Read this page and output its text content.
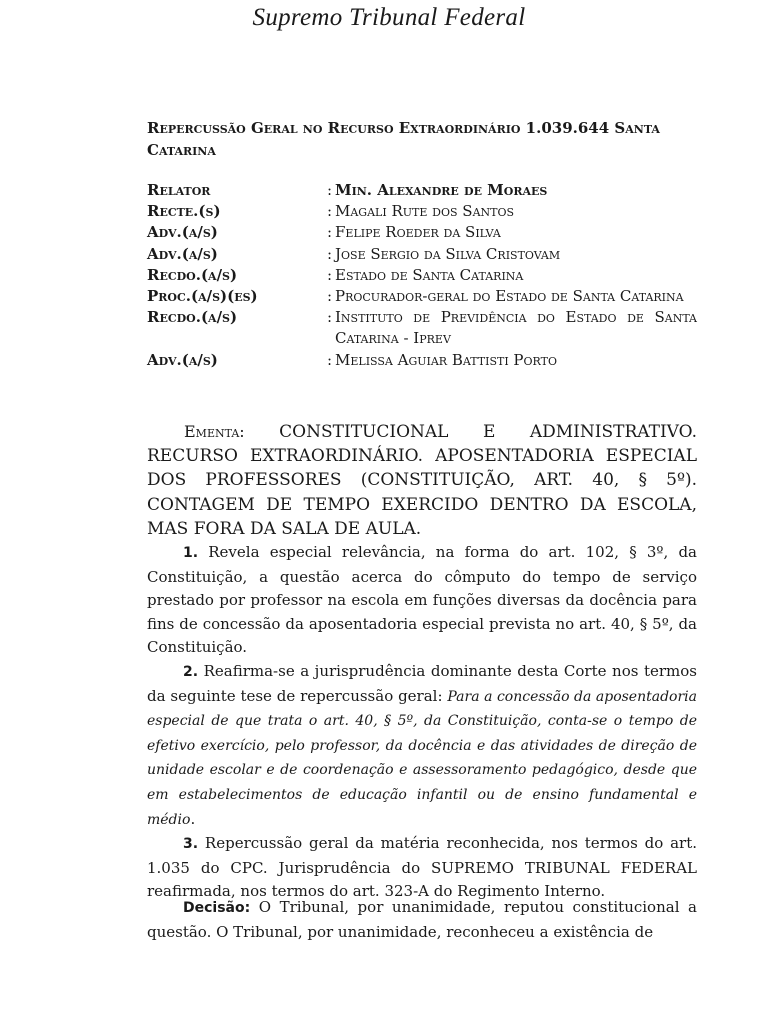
Supremo Tribunal Federal
Repercussão Geral no Recurso Extraordinário 1.039.644 Santa Catarina
Relator	: Min. Alexandre de Moraes
Recte.(s)	: Magali Rute dos Santos
Adv.(a/s)	: Felipe Roeder da Silva
Adv.(a/s)	: Jose Sergio da Silva Cristovam
Recdo.(a/s)	: Estado de Santa Catarina
Proc.(a/s)(es)	: Procurador-geral do Estado de Santa Catarina
Recdo.(a/s)	: Instituto de Previdência do Estado de Santa Catarina - Iprev
Adv.(a/s)	: Melissa Aguiar Battisti Porto

Ementa: CONSTITUCIONAL E ADMINISTRATIVO. RECURSO EXTRAORDINÁRIO. APOSENTADORIA ESPECIAL DOS PROFESSORES (CONSTITUIÇÃO, ART. 40, § 5º). CONTAGEM DE TEMPO EXERCIDO DENTRO DA ESCOLA, MAS FORA DA SALA DE AULA.

1. Revela especial relevância, na forma do art. 102, § 3º, da Constituição, a questão acerca do cômputo do tempo de serviço prestado por professor na escola em funções diversas da docência para fins de concessão da aposentadoria especial prevista no art. 40, § 5º, da Constituição.

2. Reafirma-se a jurisprudência dominante desta Corte nos termos da seguinte tese de repercussão geral: Para a concessão da aposentadoria especial de que trata o art. 40, § 5º, da Constituição, conta-se o tempo de efetivo exercício, pelo professor, da docência e das atividades de direção de unidade escolar e de coordenação e assessoramento pedagógico, desde que em estabelecimentos de educação infantil ou de ensino fundamental e médio.

3. Repercussão geral da matéria reconhecida, nos termos do art. 1.035 do CPC. Jurisprudência do SUPREMO TRIBUNAL FEDERAL reafirmada, nos termos do art. 323-A do Regimento Interno.

Decisão: O Tribunal, por unanimidade, reputou constitucional a questão. O Tribunal, por unanimidade, reconheceu a existência de
